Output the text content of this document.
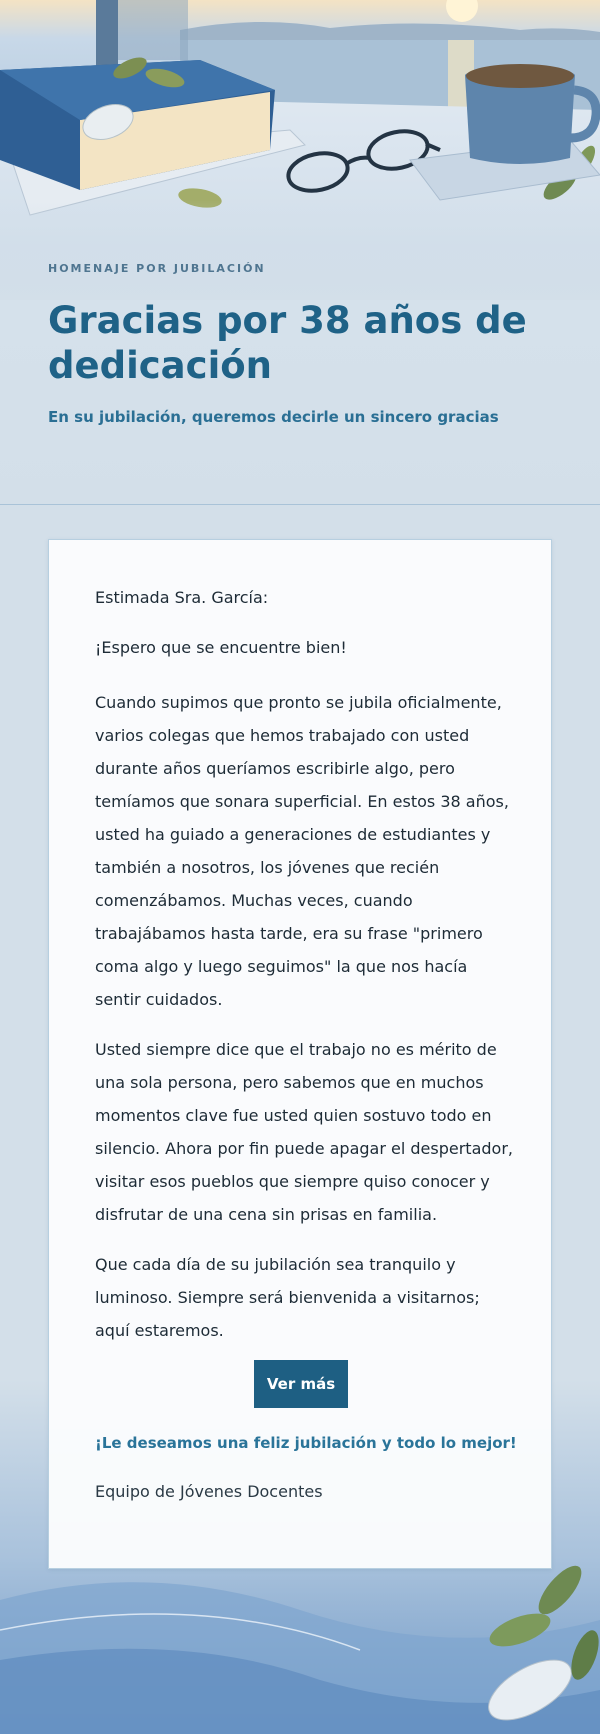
HOMENAJE POR JUBILACIÓN
Gracias por 38 años de dedicación

En su jubilación, queremos decirle un sincero gracias

Estimada Sra. García:

¡Espero que se encuentre bien!

Cuando supimos que pronto se jubila oficialmente, varios colegas que hemos trabajado con usted durante años queríamos escribirle algo, pero temíamos que sonara superficial. En estos 38 años, usted ha guiado a generaciones de estudiantes y también a nosotros, los jóvenes que recién comenzábamos. Muchas veces, cuando trabajábamos hasta tarde, era su frase "primero coma algo y luego seguimos" la que nos hacía sentir cuidados.

Usted siempre dice que el trabajo no es mérito de una sola persona, pero sabemos que en muchos momentos clave fue usted quien sostuvo todo en silencio. Ahora por fin puede apagar el despertador, visitar esos pueblos que siempre quiso conocer y disfrutar de una cena sin prisas en familia.

Que cada día de su jubilación sea tranquilo y luminoso. Siempre será bienvenida a visitarnos; aquí estaremos.

Ver más

¡Le deseamos una feliz jubilación y todo lo mejor!

Equipo de Jóvenes Docentes
